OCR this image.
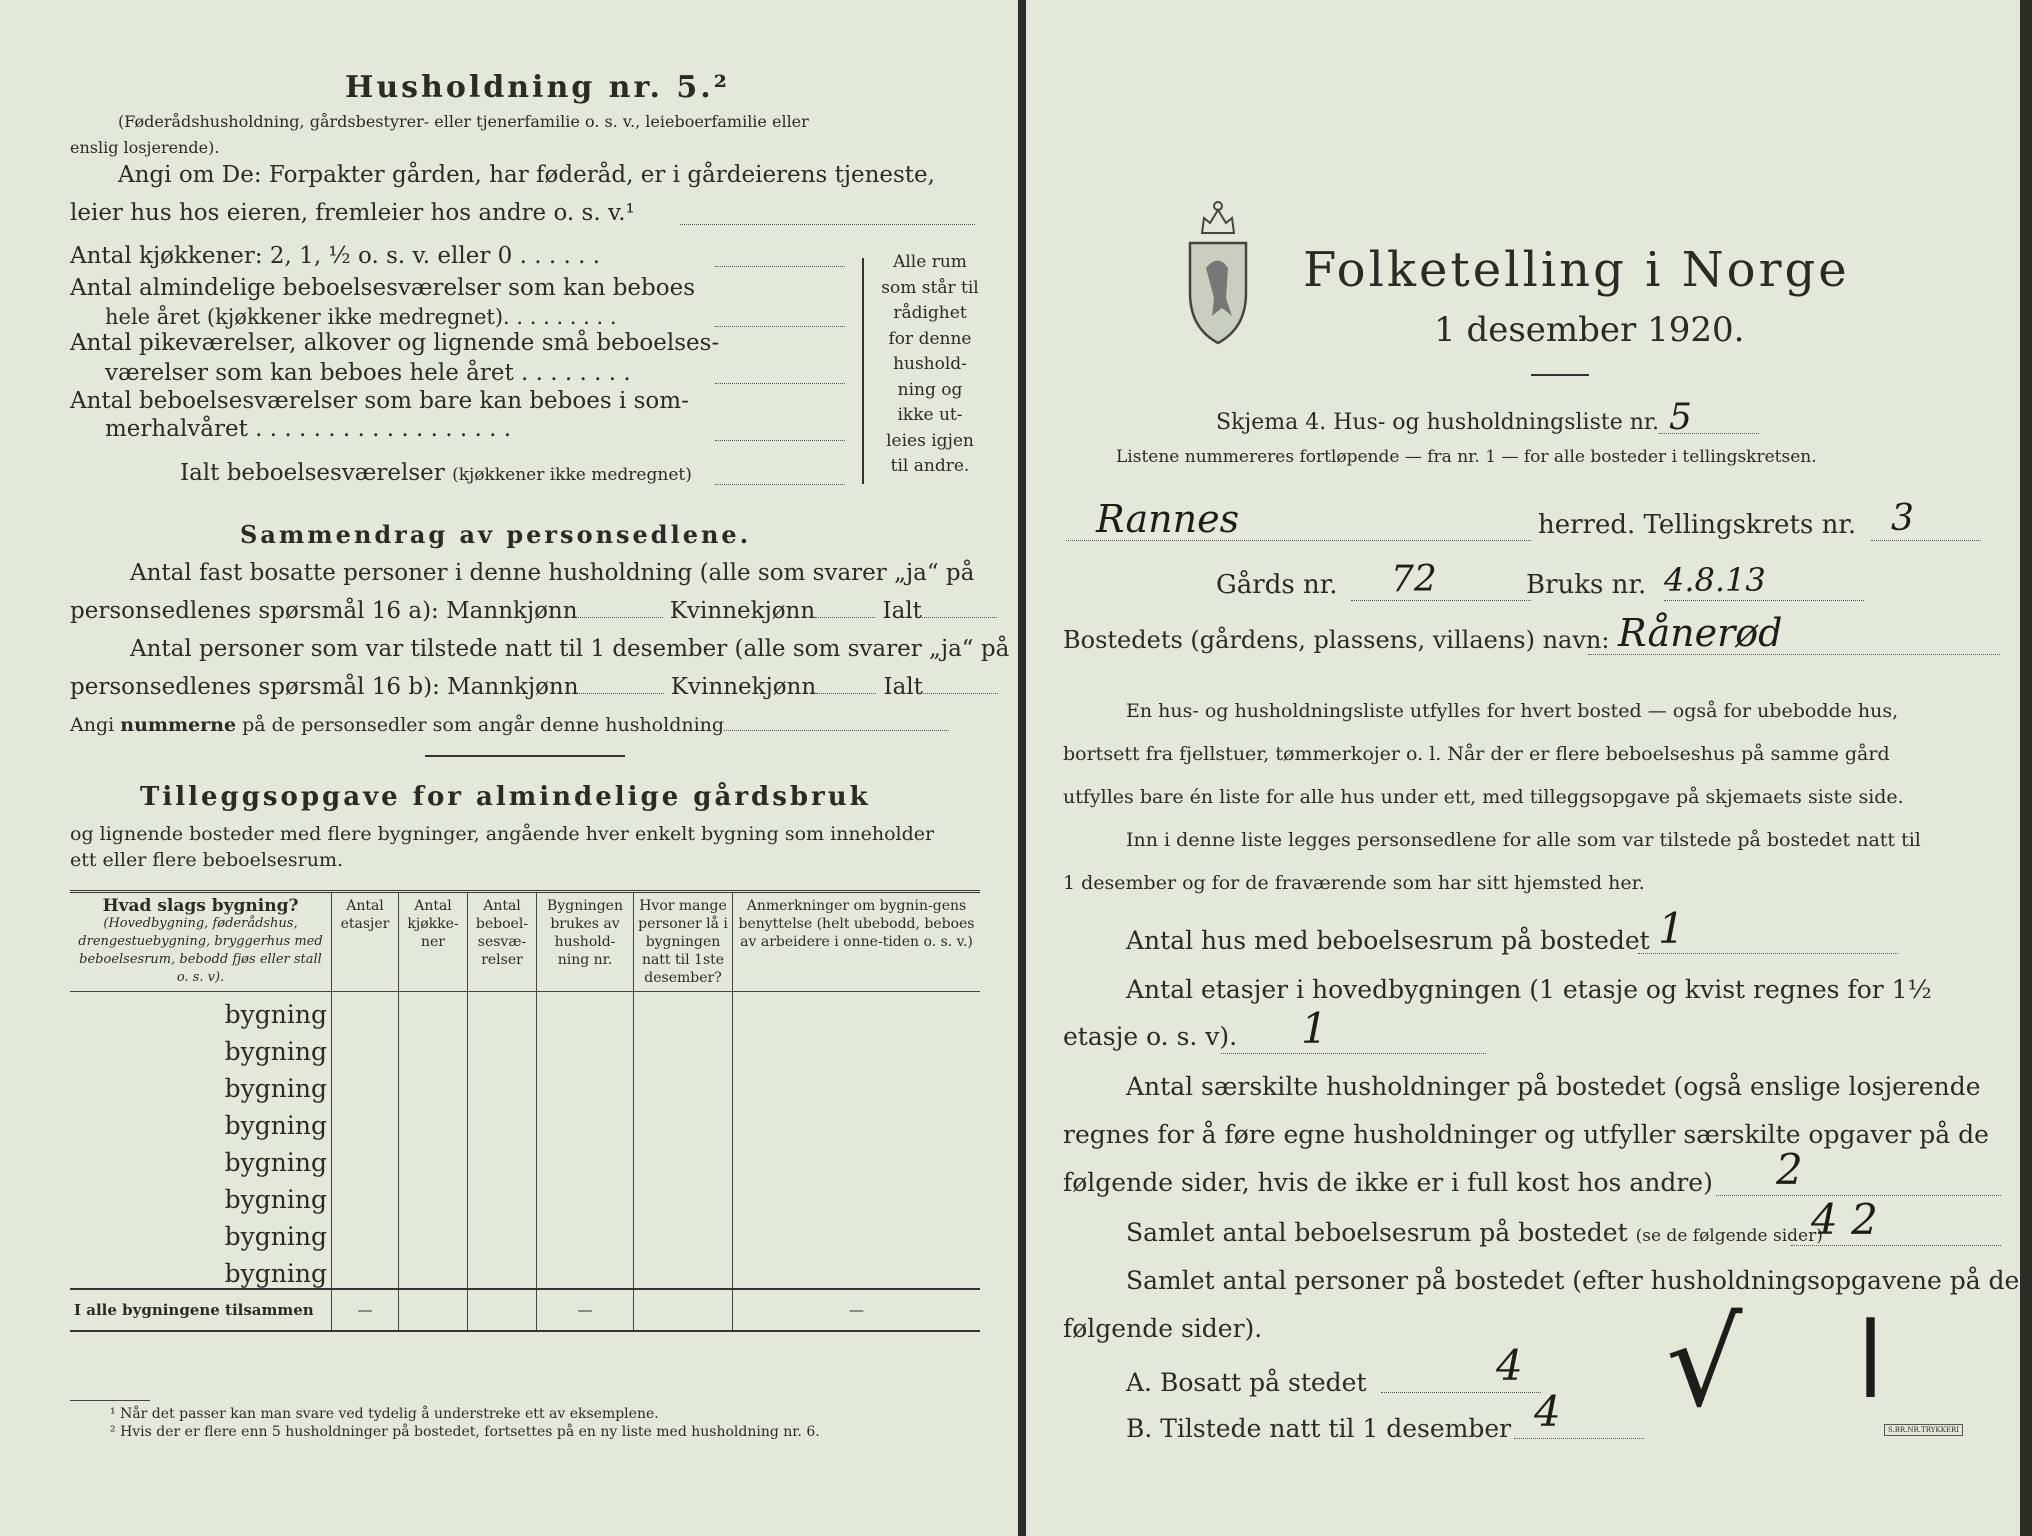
Husholdning nr. 5.²
(Føderådshusholdning, gårdsbestyrer- eller tjenerfamilie o. s. v., leieboerfamilie eller
enslig losjerende).
Angi om De: Forpakter gården, har føderåd, er i gårdeierens tjeneste,
leier hus hos eieren, fremleier hos andre o. s. v.¹
Antal kjøkkener: 2, 1, ½ o. s. v. eller 0 . . . . . .
Antal almindelige beboelsesværelser som kan beboes
hele året (kjøkkener ikke medregnet). . . . . . . . .
Antal pikeværelser, alkover og lignende små beboelses-
værelser som kan beboes hele året . . . . . . . .
Antal beboelsesværelser som bare kan beboes i som-
merhalvåret . . . . . . . . . . . . . . . . . .
Ialt beboelsesværelser (kjøkkener ikke medregnet)
Alle rum
som står til
rådighet
for denne
hushold-
ning og
ikke ut-
leies igjen
til andre.
Sammendrag av personsedlene.
Antal fast bosatte personer i denne husholdning (alle som svarer „ja“ på
personsedlenes spørsmål 16 a): Mannkjønn	Kvinnekjønn	Ialt
Antal personer som var tilstede natt til 1 desember (alle som svarer „ja“ på
personsedlenes spørsmål 16 b): Mannkjønn	Kvinnekjønn	Ialt
Angi nummerne på de personsedler som angår denne husholdning
Tilleggsopgave for almindelige gårdsbruk
og lignende bosteder med flere bygninger, angående hver enkelt bygning som inneholder
ett eller flere beboelsesrum.
Hvad slags bygning?
(Hovedbygning, føderådshus, drengestuebygning, bryggerhus med beboelsesrum, bebodd fjøs eller stall o. s. v).	Antal etasjer	Antal kjøkke-ner	Antal beboel-sesvæ-relser	Bygningen brukes av hushold-ning nr.	Hvor mange personer lå i bygningen natt til 1ste desember?	Anmerkninger om bygnin-gens benyttelse (helt ubebodd, beboes av arbeidere i onne-tiden o. s. v.)
bygning						
bygning						
bygning						
bygning						
bygning						
bygning						
bygning						
bygning						
I alle bygningene tilsammen	—			—		—
¹ Når det passer kan man svare ved tydelig å understreke ett av eksemplene.
² Hvis der er flere enn 5 husholdninger på bostedet, fortsettes på en ny liste med husholdning nr. 6.
Folketelling i Norge
1 desember 1920.
Skjema 4. Hus- og husholdningsliste nr. 5
Listene nummereres fortløpende — fra nr. 1 — for alle bosteder i tellingskretsen.
Rannes	herred. Tellingskrets nr. 3
Gårds nr.	72	Bruks nr. 4.8.13
Bostedets (gårdens, plassens, villaens) navn: Rånerød
En hus- og husholdningsliste utfylles for hvert bosted — også for ubebodde hus,
bortsett fra fjellstuer, tømmerkojer o. l. Når der er flere beboelseshus på samme gård
utfylles bare én liste for alle hus under ett, med tilleggsopgave på skjemaets siste side.
Inn i denne liste legges personsedlene for alle som var tilstede på bostedet natt til
1 desember og for de fraværende som har sitt hjemsted her.
Antal hus med beboelsesrum på bostedet 1
Antal etasjer i hovedbygningen (1 etasje og kvist regnes for 1½
etasje o. s. v).	1
Antal særskilte husholdninger på bostedet (også enslige losjerende
regnes for å føre egne husholdninger og utfyller særskilte opgaver på de
følgende sider, hvis de ikke er i full kost hos andre)	2
Samlet antal beboelsesrum på bostedet (se de følgende sider)
4 2
Samlet antal personer på bostedet (efter husholdningsopgavene på de
følgende sider).
A. Bosatt på stedet	4
B. Tilstede natt til 1 desember 4 √ |
S.BR.NR.TRYKKERI
